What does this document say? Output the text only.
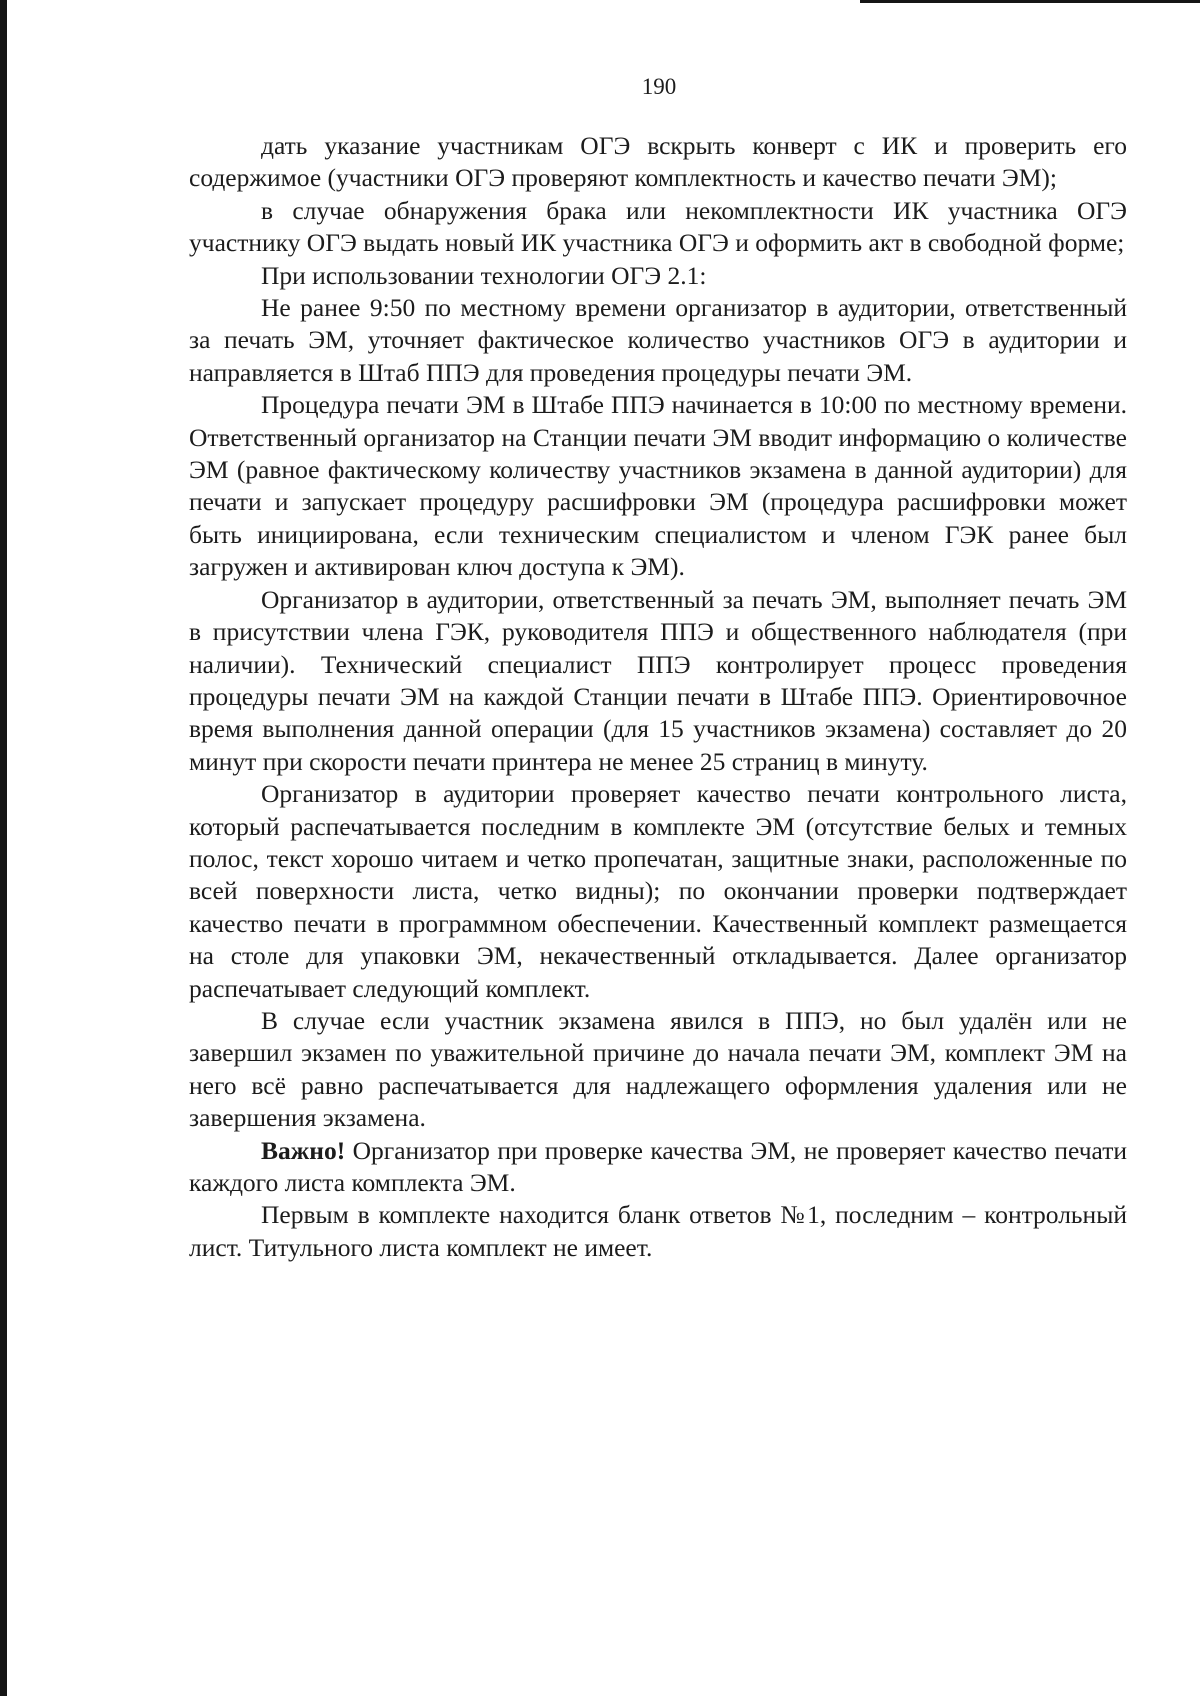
190

дать указание участникам ОГЭ вскрыть конверт с ИК и проверить его содержимое (участники ОГЭ проверяют комплектность и качество печати ЭМ);

в случае обнаружения брака или некомплектности ИК участника ОГЭ участнику ОГЭ выдать новый ИК участника ОГЭ и оформить акт в свободной форме;

При использовании технологии ОГЭ 2.1:

Не ранее 9:50 по местному времени организатор в аудитории, ответственный за печать ЭМ, уточняет фактическое количество участников ОГЭ в аудитории и направляется в Штаб ППЭ для проведения процедуры печати ЭМ.

Процедура печати ЭМ в Штабе ППЭ начинается в 10:00 по местному времени. Ответственный организатор на Станции печати ЭМ вводит информацию о количестве ЭМ (равное фактическому количеству участников экзамена в данной аудитории) для печати и запускает процедуру расшифровки ЭМ (процедура расшифровки может быть инициирована, если техническим специалистом и членом ГЭК ранее был загружен и активирован ключ доступа к ЭМ).

Организатор в аудитории, ответственный за печать ЭМ, выполняет печать ЭМ в присутствии члена ГЭК, руководителя ППЭ и общественного наблюдателя (при наличии). Технический специалист ППЭ контролирует процесс проведения процедуры печати ЭМ на каждой Станции печати в Штабе ППЭ. Ориентировочное время выполнения данной операции (для 15 участников экзамена) составляет до 20 минут при скорости печати принтера не менее 25 страниц в минуту.

Организатор в аудитории проверяет качество печати контрольного листа, который распечатывается последним в комплекте ЭМ (отсутствие белых и темных полос, текст хорошо читаем и четко пропечатан, защитные знаки, расположенные по всей поверхности листа, четко видны); по окончании проверки подтверждает качество печати в программном обеспечении. Качественный комплект размещается на столе для упаковки ЭМ, некачественный откладывается. Далее организатор распечатывает следующий комплект.

В случае если участник экзамена явился в ППЭ, но был удалён или не завершил экзамен по уважительной причине до начала печати ЭМ, комплект ЭМ на него всё равно распечатывается для надлежащего оформления удаления или не завершения экзамена.

Важно! Организатор при проверке качества ЭМ, не проверяет качество печати каждого листа комплекта ЭМ.

Первым в комплекте находится бланк ответов №1, последним – контрольный лист. Титульного листа комплект не имеет.
